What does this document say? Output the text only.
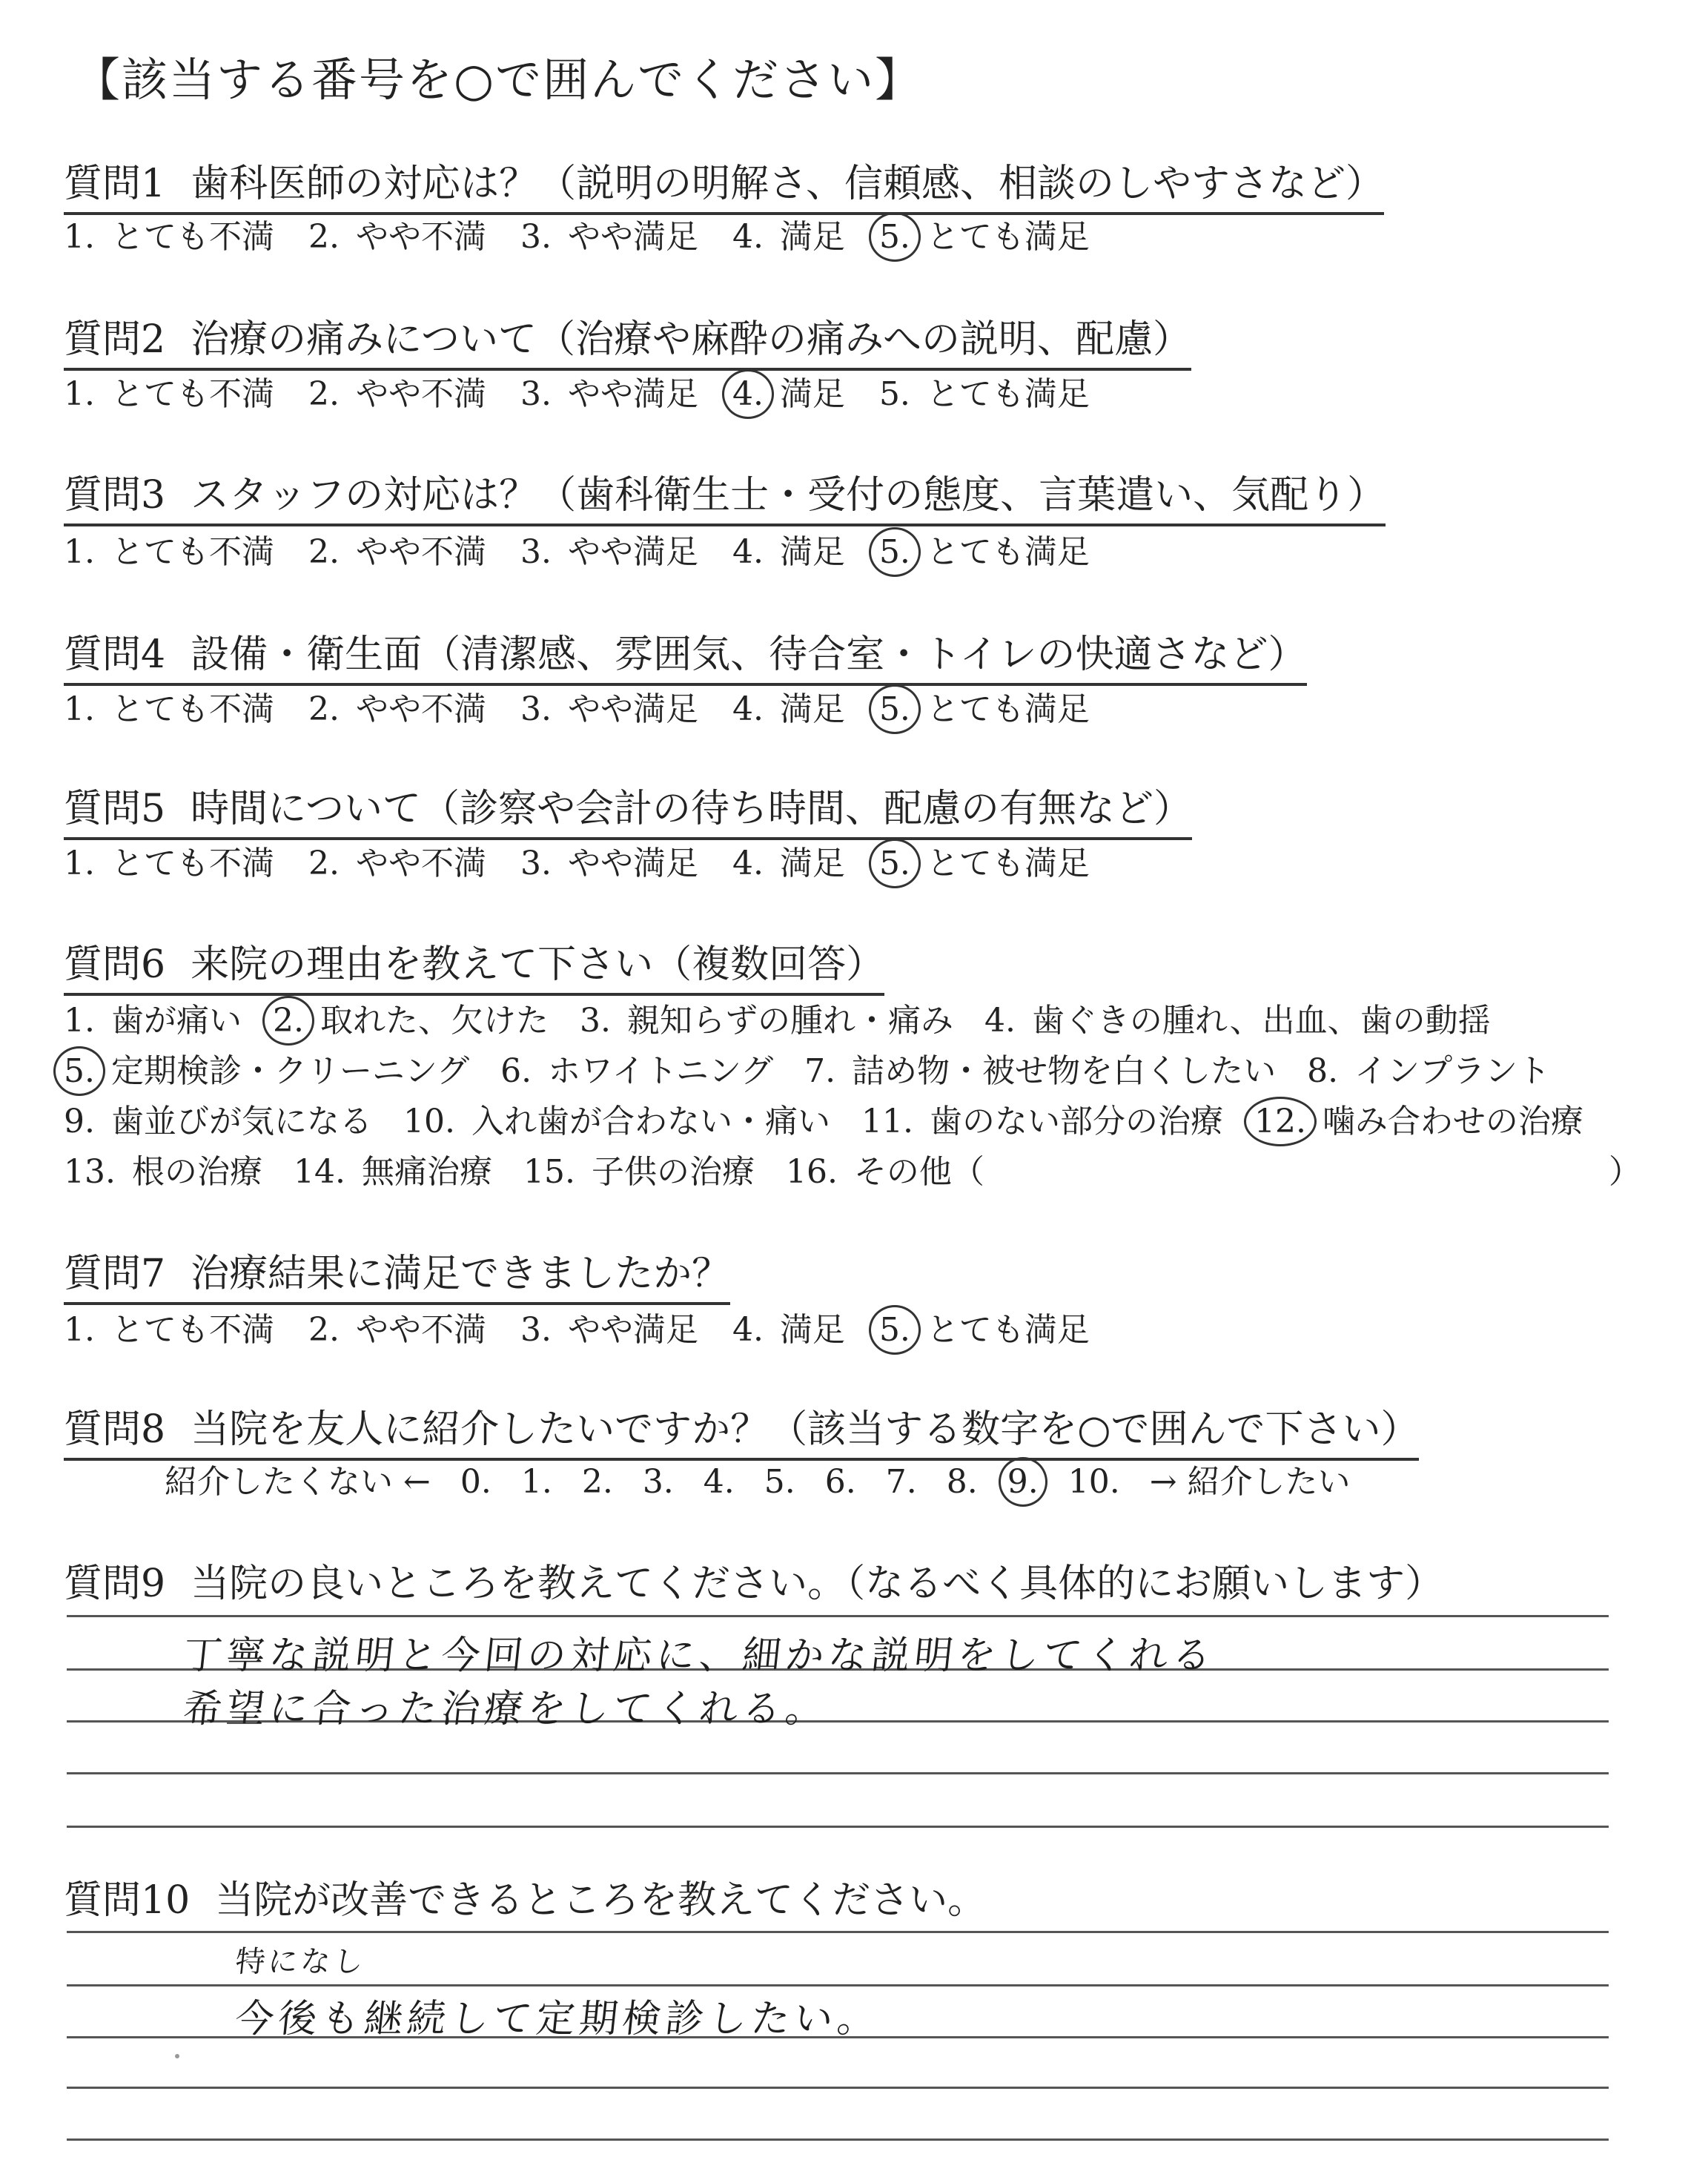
【該当する番号を○で囲んでください】
質問1 歯科医師の対応は？（説明の明解さ、信頼感、相談のしやすさなど）
1. とても不満 2. やや不満 3. やや満足 4. 満足 5. とても満足
質問2 治療の痛みについて（治療や麻酔の痛みへの説明、配慮）
1. とても不満 2. やや不満 3. やや満足 4. 満足 5. とても満足
質問3 スタッフの対応は？（歯科衛生士・受付の態度、言葉遣い、気配り）
1. とても不満 2. やや不満 3. やや満足 4. 満足 5. とても満足
質問4 設備・衛生面（清潔感、雰囲気、待合室・トイレの快適さなど）
1. とても不満 2. やや不満 3. やや満足 4. 満足 5. とても満足
質問5 時間について（診察や会計の待ち時間、配慮の有無など）
1. とても不満 2. やや不満 3. やや満足 4. 満足 5. とても満足
質問6 来院の理由を教えて下さい（複数回答）
1. 歯が痛い 2. 取れた、欠けた 3. 親知らずの腫れ・痛み 4. 歯ぐきの腫れ、出血、歯の動揺
5. 定期検診・クリーニング 6. ホワイトニング 7. 詰め物・被せ物を白くしたい 8. インプラント
9. 歯並びが気になる 10. 入れ歯が合わない・痛い 11. 歯のない部分の治療 12. 噛み合わせの治療
13. 根の治療 14. 無痛治療 15. 子供の治療 16. その他（	）
質問7 治療結果に満足できましたか？
1. とても不満 2. やや不満 3. やや満足 4. 満足 5. とても満足
質問8 当院を友人に紹介したいですか？（該当する数字を○で囲んで下さい）
紹介したくない ← 0. 1. 2. 3. 4. 5. 6. 7. 8. 9. 10. → 紹介したい
質問9 当院の良いところを教えてください。（なるべく具体的にお願いします）
丁寧な説明と今回の対応に、細かな説明をしてくれる
希望に合った治療をしてくれる。
質問10 当院が改善できるところを教えてください。
特になし
今後も継続して定期検診したい。
